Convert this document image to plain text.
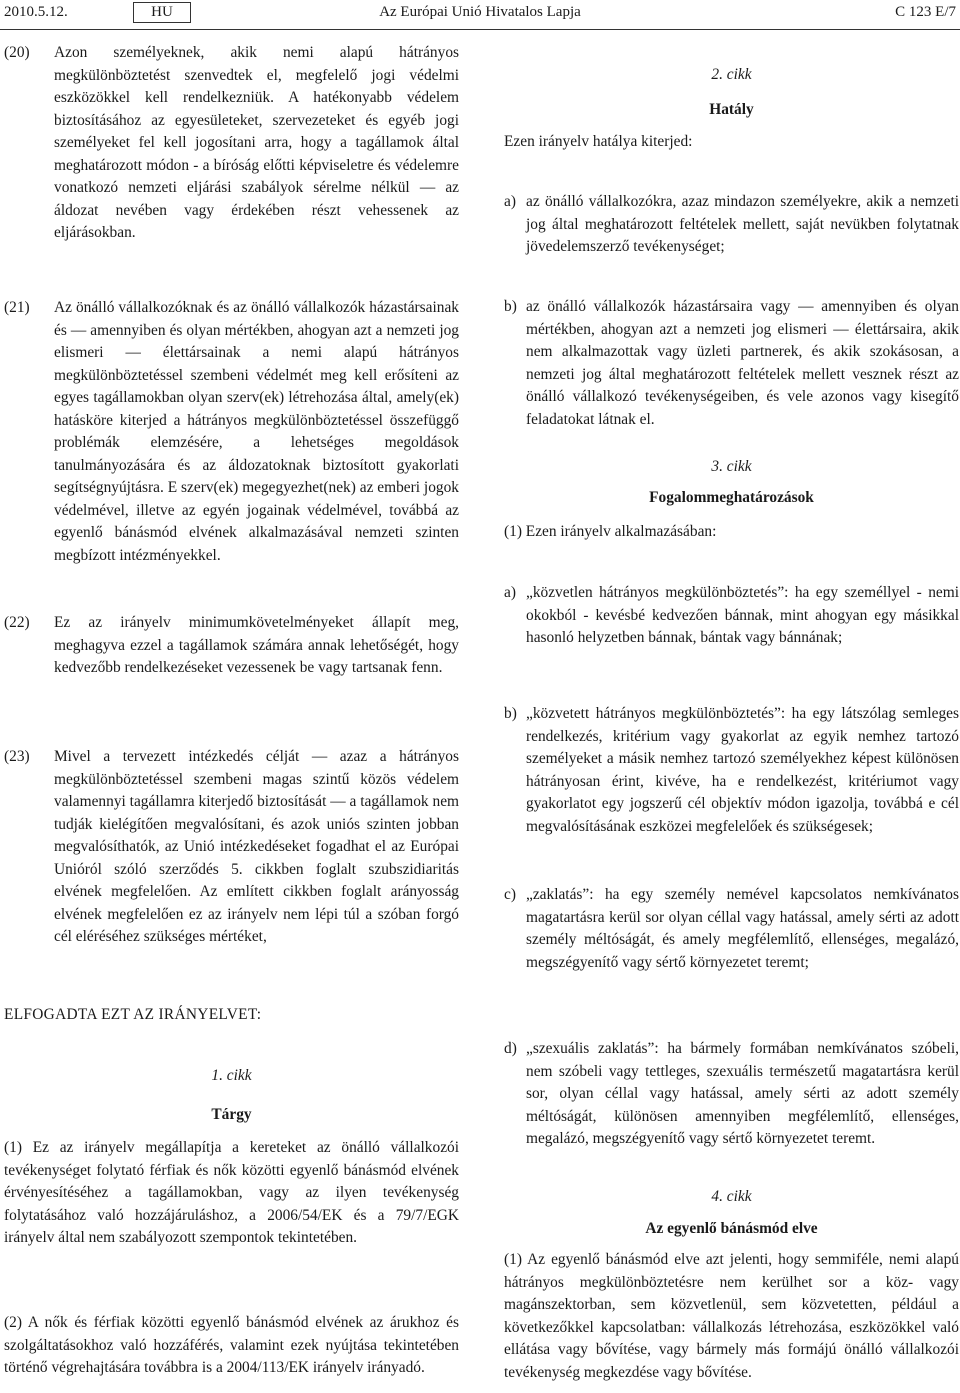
2010.5.12.	HU	Az Európai Unió Hivatalos Lapja	C 123 E/7
(20)	Azon személyeknek, akik nemi alapú hátrányos megkülönböztetést szenvedtek el, megfelelő jogi védelmi eszközökkel kell rendelkezniük. A hatékonyabb védelem biztosításához az egyesületeket, szervezeteket és egyéb jogi személyeket fel kell jogosítani arra, hogy a tagállamok által meghatározott módon - a bíróság előtti képviseletre és védelemre vonatkozó nemzeti eljárási szabályok sérelme nélkül — az áldozat nevében vagy érdekében részt vehessenek az eljárásokban.
(21)	Az önálló vállalkozóknak és az önálló vállalkozók házastársainak és — amennyiben és olyan mértékben, ahogyan azt a nemzeti jog elismeri — élettársainak a nemi alapú hátrányos megkülönböztetéssel szembeni védelmét meg kell erősíteni az egyes tagállamokban olyan szerv(ek) létrehozása által, amely(ek) hatásköre kiterjed a hátrányos megkülönböztetéssel összefüggő problémák elemzésére, a lehetséges megoldások tanulmányozására és az áldozatoknak biztosított gyakorlati segítségnyújtásra. E szerv(ek) megegyezhet(nek) az emberi jogok védelmével, illetve az egyén jogainak védelmével, továbbá az egyenlő bánásmód elvének alkalmazásával nemzeti szinten megbízott intézményekkel.
(22)	Ez az irányelv minimumkövetelményeket állapít meg, meghagyva ezzel a tagállamok számára annak lehetőségét, hogy kedvezőbb rendelkezéseket vezessenek be vagy tartsanak fenn.
(23)	Mivel a tervezett intézkedés célját — azaz a hátrányos megkülönböztetéssel szembeni magas szintű közös védelem valamennyi tagállamra kiterjedő biztosítását — a tagállamok nem tudják kielégítően megvalósítani, és azok uniós szinten jobban megvalósíthatók, az Unió intézkedéseket fogadhat el az Európai Unióról szóló szerződés 5. cikkben foglalt szubszidiaritás elvének megfelelően. Az említett cikkben foglalt arányosság elvének megfelelően ez az irányelv nem lépi túl a szóban forgó cél eléréséhez szükséges mértéket,
ELFOGADTA EZT AZ IRÁNYELVET:
1. cikk
Tárgy
(1) Ez az irányelv megállapítja a kereteket az önálló vállalkozói tevékenységet folytató férfiak és nők közötti egyenlő bánásmód elvének érvényesítéséhez a tagállamokban, vagy az ilyen tevékenység folytatásához való hozzájáruláshoz, a 2006/54/EK és a 79/7/EGK irányelv által nem szabályozott szempontok tekintetében.
(2) A nők és férfiak közötti egyenlő bánásmód elvének az árukhoz és szolgáltatásokhoz való hozzáférés, valamint ezek nyújtása tekintetében történő végrehajtására továbbra is a 2004/113/EK irányelv irányadó.
2. cikk
Hatály
Ezen irányelv hatálya kiterjed:
a) az önálló vállalkozókra, azaz mindazon személyekre, akik a nemzeti jog által meghatározott feltételek mellett, saját nevükben folytatnak jövedelemszerző tevékenységet;
b) az önálló vállalkozók házastársaira vagy — amennyiben és olyan mértékben, ahogyan azt a nemzeti jog elismeri — élettársaira, akik nem alkalmazottak vagy üzleti partnerek, és akik szokásosan, a nemzeti jog által meghatározott feltételek mellett vesznek részt az önálló vállalkozó tevékenységeiben, és vele azonos vagy kisegítő feladatokat látnak el.
3. cikk
Fogalommeghatározások
(1) Ezen irányelv alkalmazásában:
a) „közvetlen hátrányos megkülönböztetés”: ha egy személlyel - nemi okokból - kevésbé kedvezően bánnak, mint ahogyan egy másikkal hasonló helyzetben bánnak, bántak vagy bánnának;
b) „közvetett hátrányos megkülönböztetés”: ha egy látszólag semleges rendelkezés, kritérium vagy gyakorlat az egyik nemhez tartozó személyeket a másik nemhez tartozó személyekhez képest különösen hátrányosan érint, kivéve, ha e rendelkezést, kritériumot vagy gyakorlatot egy jogszerű cél objektív módon igazolja, továbbá e cél megvalósításának eszközei megfelelőek és szükségesek;
c) „zaklatás”: ha egy személy nemével kapcsolatos nemkívánatos magatartásra kerül sor olyan céllal vagy hatással, amely sérti az adott személy méltóságát, és amely megfélemlítő, ellenséges, megalázó, megszégyenítő vagy sértő környezetet teremt;
d) „szexuális zaklatás”: ha bármely formában nemkívánatos szóbeli, nem szóbeli vagy tettleges, szexuális természetű magatartásra kerül sor, olyan céllal vagy hatással, amely sérti az adott személy méltóságát, különösen amennyiben megfélemlítő, ellenséges, megalázó, megszégyenítő vagy sértő környezetet teremt.
4. cikk
Az egyenlő bánásmód elve
(1) Az egyenlő bánásmód elve azt jelenti, hogy semmiféle, nemi alapú hátrányos megkülönböztetésre nem kerülhet sor a köz- vagy magánszektorban, sem közvetlenül, sem közvetetten, például a következőkkel kapcsolatban: vállalkozás létrehozása, eszközökkel való ellátása vagy bővítése, vagy bármely más formájú önálló vállalkozói tevékenység megkezdése vagy bővítése.
